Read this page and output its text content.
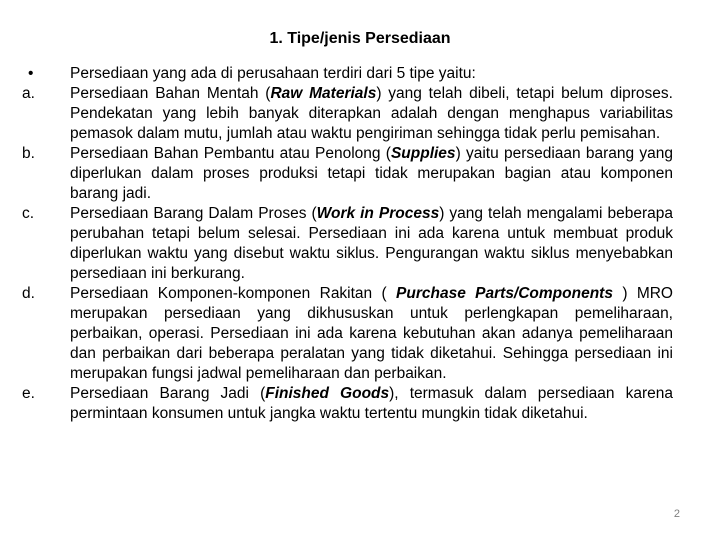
1. Tipe/jenis Persediaan
• Persediaan yang ada di perusahaan terdiri dari 5 tipe yaitu:
a. Persediaan Bahan Mentah (Raw Materials) yang telah dibeli, tetapi belum diproses. Pendekatan yang lebih banyak diterapkan adalah dengan menghapus variabilitas pemasok dalam mutu, jumlah atau waktu pengiriman sehingga tidak perlu pemisahan.
b. Persediaan Bahan Pembantu atau Penolong (Supplies) yaitu persediaan barang yang diperlukan dalam proses produksi tetapi tidak merupakan bagian atau komponen barang jadi.
c. Persediaan Barang Dalam Proses (Work in Process) yang telah mengalami beberapa perubahan tetapi belum selesai. Persediaan ini ada karena untuk membuat produk diperlukan waktu yang disebut waktu siklus. Pengurangan waktu siklus menyebabkan persediaan ini berkurang.
d. Persediaan Komponen-komponen Rakitan ( Purchase Parts/Components ) MRO merupakan persediaan yang dikhususkan untuk perlengkapan pemeliharaan, perbaikan, operasi. Persediaan ini ada karena kebutuhan akan adanya pemeliharaan dan perbaikan dari beberapa peralatan yang tidak diketahui. Sehingga persediaan ini merupakan fungsi jadwal pemeliharaan dan perbaikan.
e. Persediaan Barang Jadi (Finished Goods), termasuk dalam persediaan karena permintaan konsumen untuk jangka waktu tertentu mungkin tidak diketahui.
2
